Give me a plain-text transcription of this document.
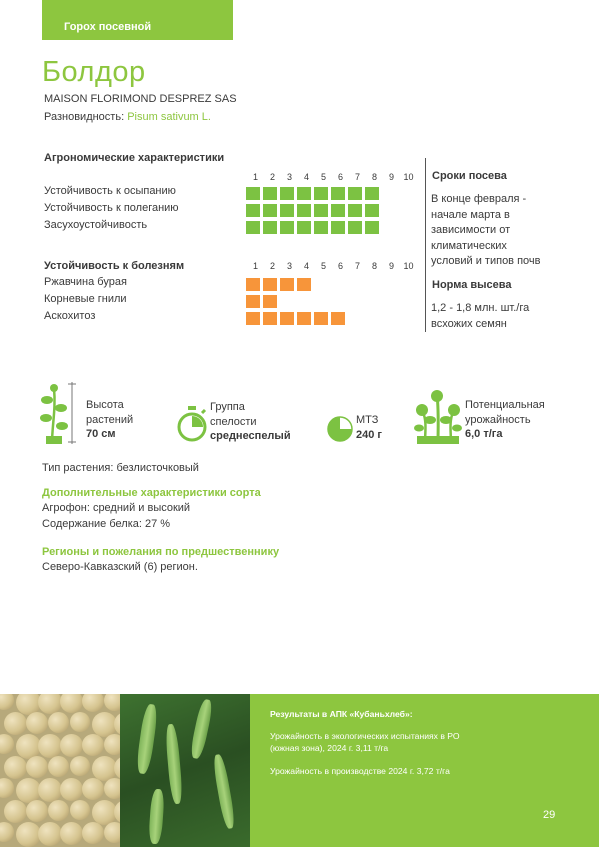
Горох посевной
Болдор
MAISON FLORIMOND DESPREZ SAS
Разновидность: Pisum sativum L.
Агрономические характеристики
1	2	3	4	5	6	7	8	9	10
Устойчивость к осыпанию
Устойчивость к полеганию
Засухоустойчивость
Устойчивость к болезням	1	2	3	4	5	6	7	8	9	10
Ржавчина бурая
Корневые гнили
Аскохитоз
Сроки посева
В конце февраля -
начале марта в
зависимости от
климатических
условий и типов почв
Норма высева
1,2 - 1,8 млн. шт./га
всхожих семян
Высота
растений
70 см
Группа
спелости
среднеспелый
МТЗ
240 г
Потенциальная
урожайность
6,0 т/га
Тип растения: безлисточковый
Дополнительные характеристики сорта
Агрофон: средний и высокий
Содержание белка: 27 %
Регионы и пожелания по предшественнику
Северо-Кавказский (6) регион.
Результаты в АПК «Кубаньхлеб»:
Урожайность в экологических испытаниях в РО
(южная зона), 2024 г. 3,11 т/га
Урожайность в производстве 2024 г. 3,72 т/га
29
